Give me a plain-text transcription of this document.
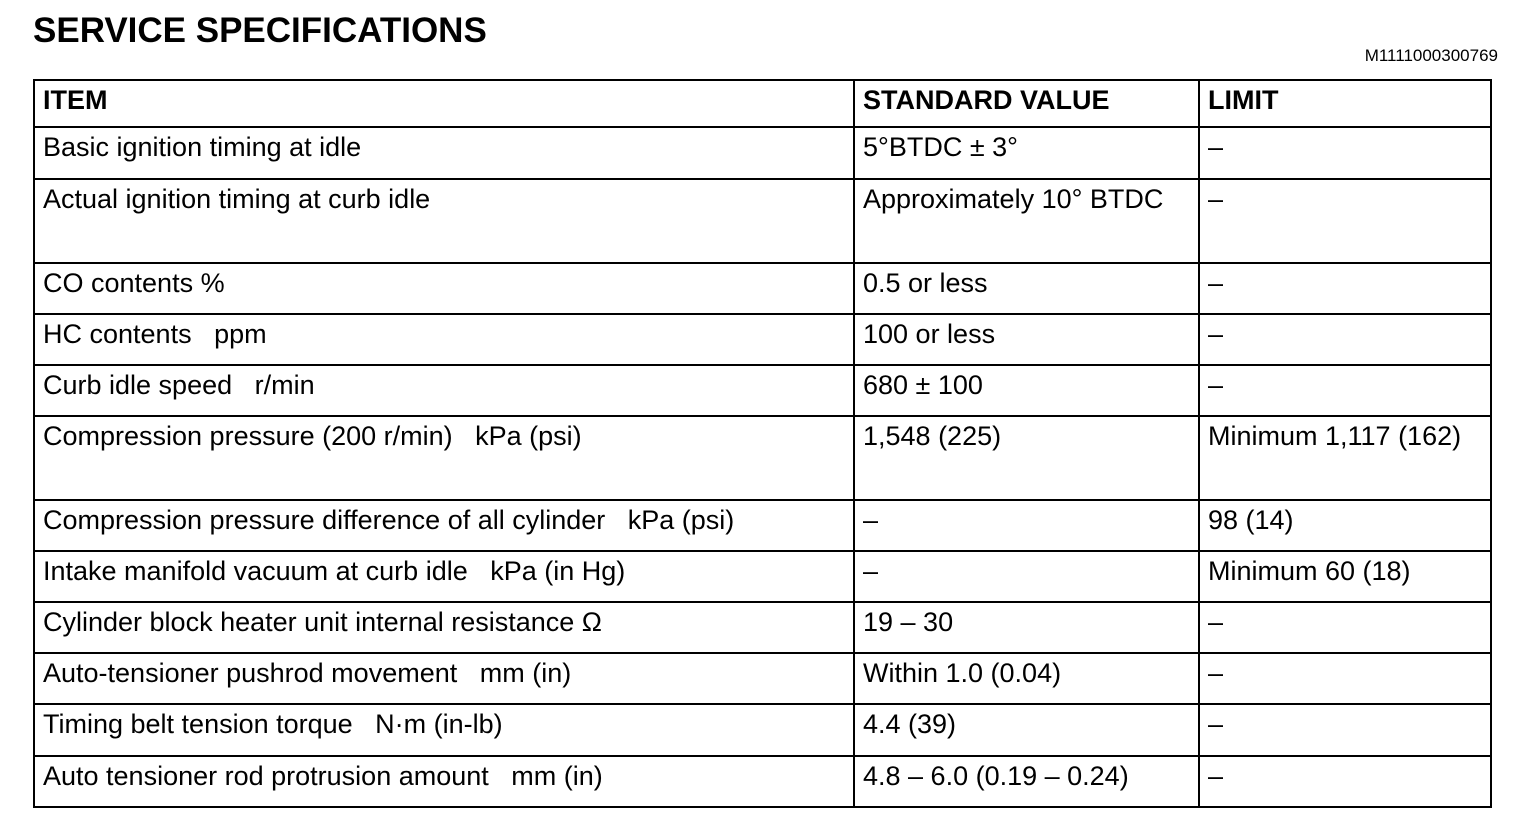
SERVICE SPECIFICATIONS
M1111000300769
ITEM	STANDARD VALUE	LIMIT
Basic ignition timing at idle	5°BTDC ± 3°	–
Actual ignition timing at curb idle	Approximately 10° BTDC	–
CO contents %	0.5 or less	–
HC contents   ppm	100 or less	–
Curb idle speed   r/min	680 ± 100	–
Compression pressure (200 r/min)   kPa (psi)	1,548 (225)	Minimum 1,117 (162)
Compression pressure difference of all cylinder   kPa (psi)	–	98 (14)
Intake manifold vacuum at curb idle   kPa (in Hg)	–	Minimum 60 (18)
Cylinder block heater unit internal resistance Ω	19 – 30	–
Auto-tensioner pushrod movement   mm (in)	Within 1.0 (0.04)	–
Timing belt tension torque   N·m (in-lb)	4.4 (39)	–
Auto tensioner rod protrusion amount   mm (in)	4.8 – 6.0 (0.19 – 0.24)	–
